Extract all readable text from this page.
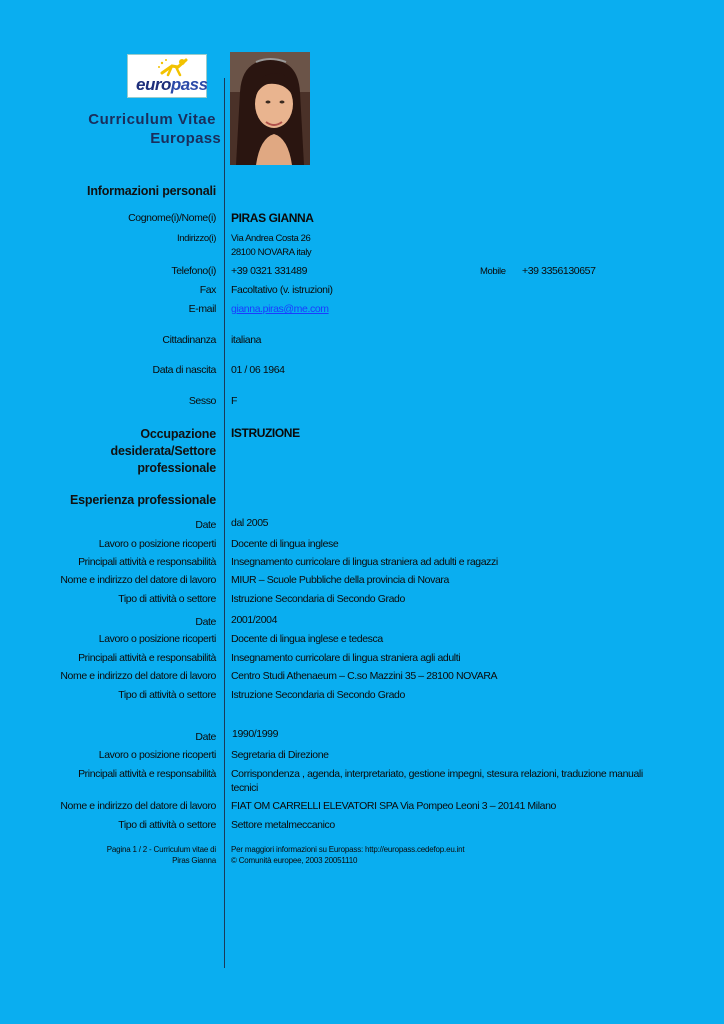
europass
Curriculum Vitae
Europass
Informazioni personali
Cognome(i)/Nome(i) PIRAS GIANNA
Indirizzo(i) Via Andrea Costa 26
28100 NOVARA italy
Telefono(i) +39 0321 331489	Mobile +39 3356130657
Fax Facoltativo (v. istruzioni)
E-mail gianna.piras@me.com
Cittadinanza italiana
Data di nascita 01 / 06 1964
Sesso F
Occupazione
desiderata/Settore
professionale
ISTRUZIONE
Esperienza professionale
Date dal 2005
Lavoro o posizione ricoperti Docente di lingua inglese
Principali attività e responsabilità Insegnamento curricolare di lingua straniera ad adulti e ragazzi
Nome e indirizzo del datore di lavoro MIUR – Scuole Pubbliche della provincia di Novara
Tipo di attività o settore Istruzione Secondaria di Secondo Grado
Date 2001/2004
Lavoro o posizione ricoperti Docente di lingua inglese e tedesca
Principali attività e responsabilità Insegnamento curricolare di lingua straniera agli adulti
Nome e indirizzo del datore di lavoro Centro Studi Athenaeum – C.so Mazzini 35 – 28100 NOVARA
Tipo di attività o settore Istruzione Secondaria di Secondo Grado
Date 1990/1999
Lavoro o posizione ricoperti Segretaria di Direzione
Principali attività e responsabilità Corrispondenza , agenda, interpretariato, gestione impegni, stesura relazioni, traduzione manuali
tecnici
Nome e indirizzo del datore di lavoro FIAT OM CARRELLI ELEVATORI SPA Via Pompeo Leoni 3 – 20141 Milano
Tipo di attività o settore Settore metalmeccanico
Pagina 1 / 2 - Curriculum vitae di
Piras Gianna
Per maggiori informazioni su Europass: http://europass.cedefop.eu.int
© Comunità europee, 2003 20051110
